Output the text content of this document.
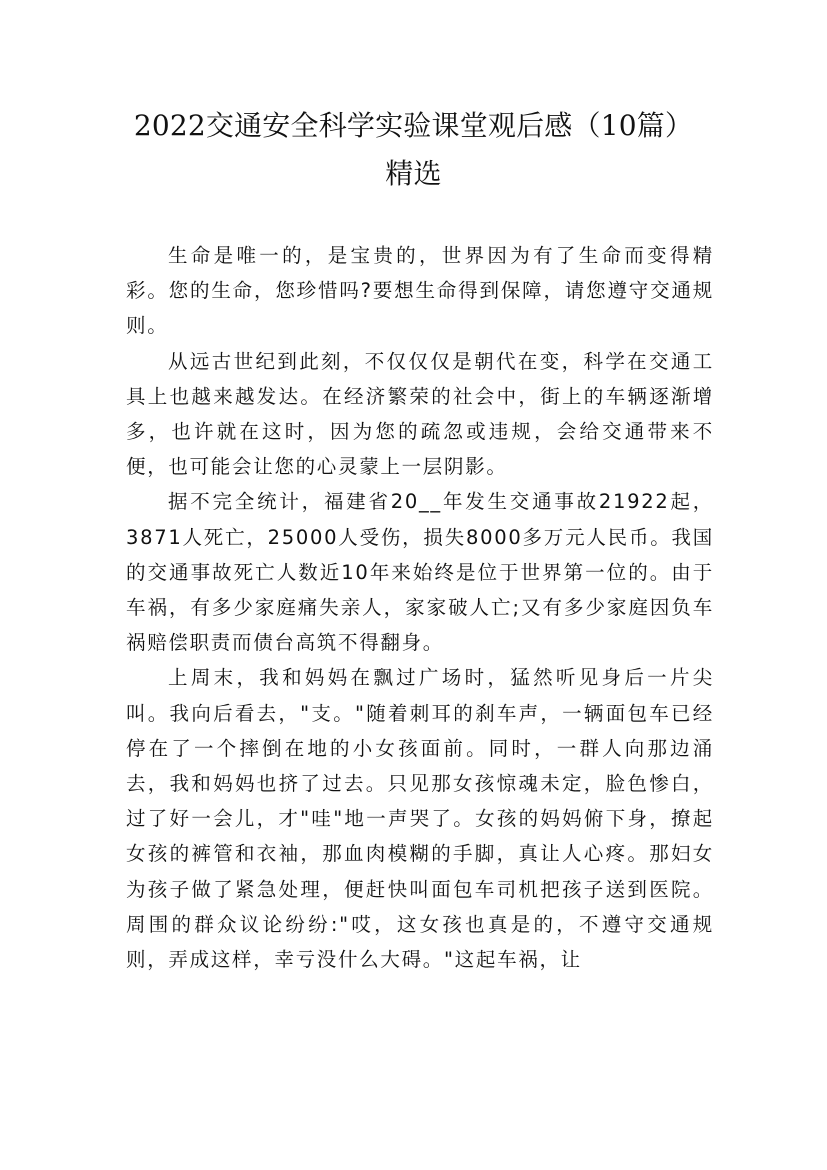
2022交通安全科学实验课堂观后感（10篇）
精选

生命是唯一的，是宝贵的，世界因为有了生命而变得精彩。您的生命，您珍惜吗?要想生命得到保障，请您遵守交通规则。

从远古世纪到此刻，不仅仅仅是朝代在变，科学在交通工具上也越来越发达。在经济繁荣的社会中，街上的车辆逐渐增多，也许就在这时，因为您的疏忽或违规，会给交通带来不便，也可能会让您的心灵蒙上一层阴影。

据不完全统计，福建省20__年发生交通事故21922起，3871人死亡，25000人受伤，损失8000多万元人民币。我国的交通事故死亡人数近10年来始终是位于世界第一位的。由于车祸，有多少家庭痛失亲人，家家破人亡;又有多少家庭因负车祸赔偿职责而债台高筑不得翻身。

上周末，我和妈妈在飘过广场时，猛然听见身后一片尖叫。我向后看去，"支。"随着刺耳的刹车声，一辆面包车已经停在了一个摔倒在地的小女孩面前。同时，一群人向那边涌去，我和妈妈也挤了过去。只见那女孩惊魂未定，脸色惨白，过了好一会儿，才"哇"地一声哭了。女孩的妈妈俯下身，撩起女孩的裤管和衣袖，那血肉模糊的手脚，真让人心疼。那妇女为孩子做了紧急处理，便赶快叫面包车司机把孩子送到医院。周围的群众议论纷纷:"哎，这女孩也真是的，不遵守交通规则，弄成这样，幸亏没什么大碍。"这起车祸，让
